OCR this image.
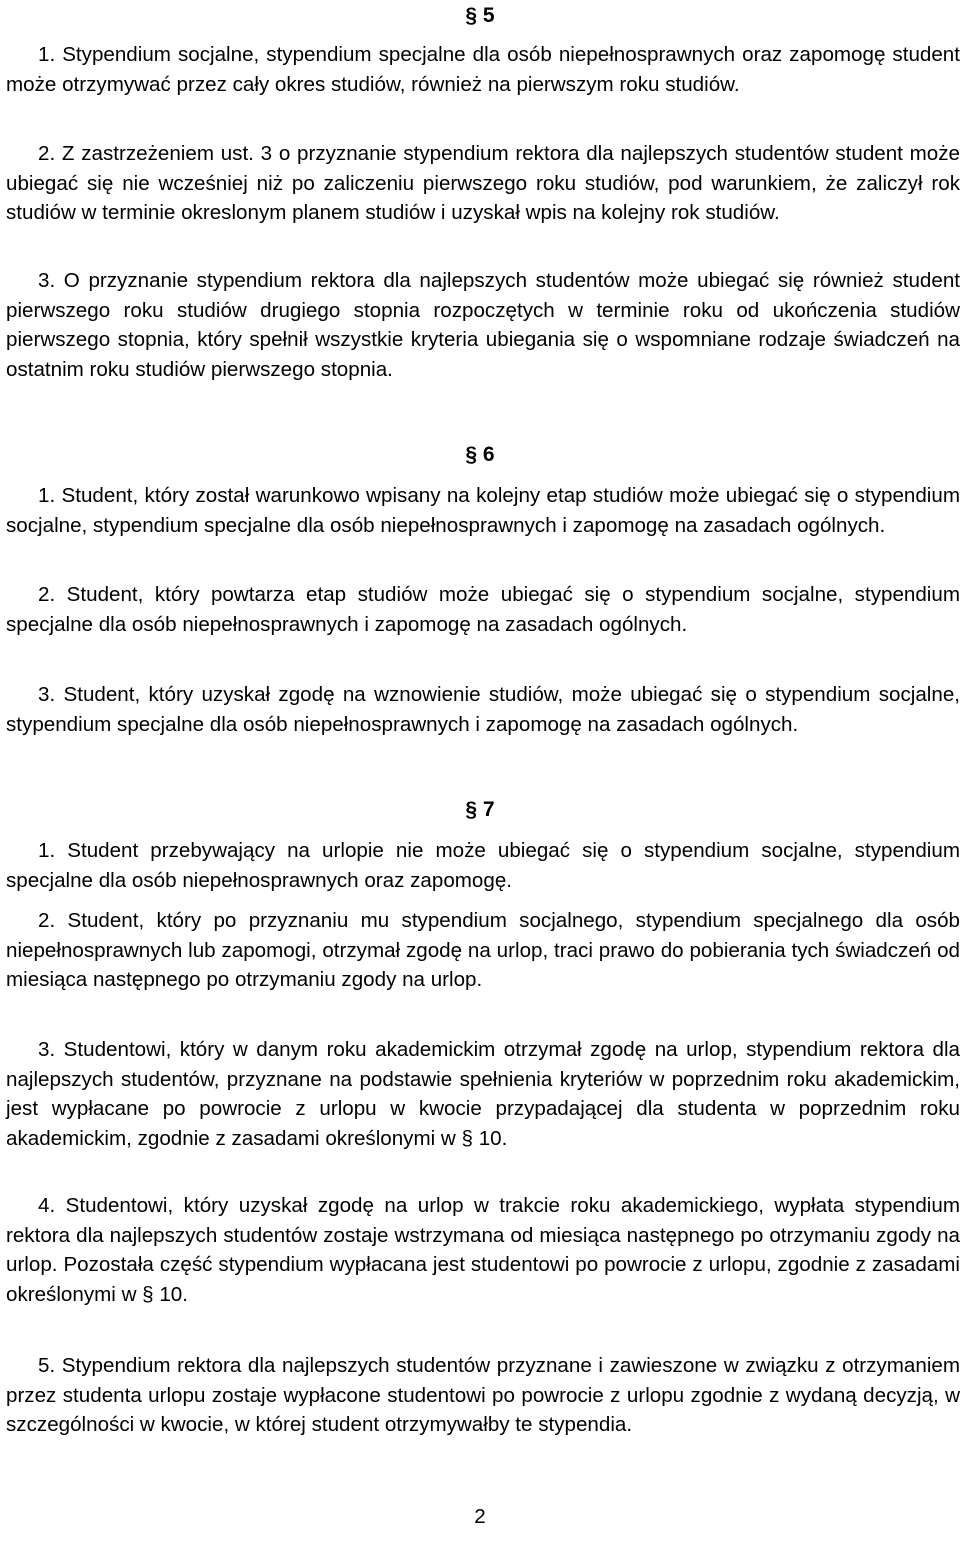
§ 5
1. Stypendium socjalne, stypendium specjalne dla osób niepełnosprawnych oraz zapomogę student może otrzymywać przez cały okres studiów, również na pierwszym roku studiów.
2. Z zastrzeżeniem ust. 3 o przyznanie stypendium rektora dla najlepszych studentów student może ubiegać się nie wcześniej niż po zaliczeniu pierwszego roku studiów, pod warunkiem, że zaliczył rok studiów w terminie okreslonym planem studiów i uzyskał wpis na kolejny rok studiów.
3. O przyznanie stypendium rektora dla najlepszych studentów może ubiegać się również student pierwszego roku studiów drugiego stopnia rozpoczętych w terminie roku od ukończenia studiów pierwszego stopnia, który spełnił wszystkie kryteria ubiegania się o wspomniane rodzaje świadczeń na ostatnim roku studiów pierwszego stopnia.
§ 6
1. Student, który został warunkowo wpisany na kolejny etap studiów może ubiegać się o stypendium socjalne, stypendium specjalne dla osób niepełnosprawnych i zapomogę na zasadach ogólnych.
2. Student, który powtarza etap studiów może ubiegać się o stypendium socjalne, stypendium specjalne dla osób niepełnosprawnych i zapomogę na zasadach ogólnych.
3. Student, który uzyskał zgodę na wznowienie studiów, może ubiegać się o stypendium socjalne, stypendium specjalne dla osób niepełnosprawnych i zapomogę na zasadach ogólnych.
§ 7
1. Student przebywający na urlopie nie może ubiegać się o stypendium socjalne, stypendium specjalne dla osób niepełnosprawnych oraz zapomogę.
2. Student, który po przyznaniu mu stypendium socjalnego, stypendium specjalnego dla osób niepełnosprawnych lub zapomogi, otrzymał zgodę na urlop, traci prawo do pobierania tych świadczeń od miesiąca następnego po otrzymaniu zgody na urlop.
3. Studentowi, który w danym roku akademickim otrzymał zgodę na urlop, stypendium rektora dla najlepszych studentów, przyznane na podstawie spełnienia kryteriów w poprzednim roku akademickim, jest wypłacane po powrocie z urlopu w kwocie przypadającej dla studenta w poprzednim roku akademickim, zgodnie z zasadami określonymi w § 10.
4. Studentowi, który uzyskał zgodę na urlop w trakcie roku akademickiego, wypłata stypendium rektora dla najlepszych studentów zostaje wstrzymana od miesiąca następnego po otrzymaniu zgody na urlop. Pozostała część stypendium wypłacana jest studentowi po powrocie z urlopu, zgodnie z zasadami określonymi w § 10.
5. Stypendium rektora dla najlepszych studentów przyznane i zawieszone w związku z otrzymaniem przez studenta urlopu zostaje wypłacone studentowi po powrocie z urlopu zgodnie z wydaną decyzją, w szczególności w kwocie, w której student otrzymywałby te stypendia.
2
